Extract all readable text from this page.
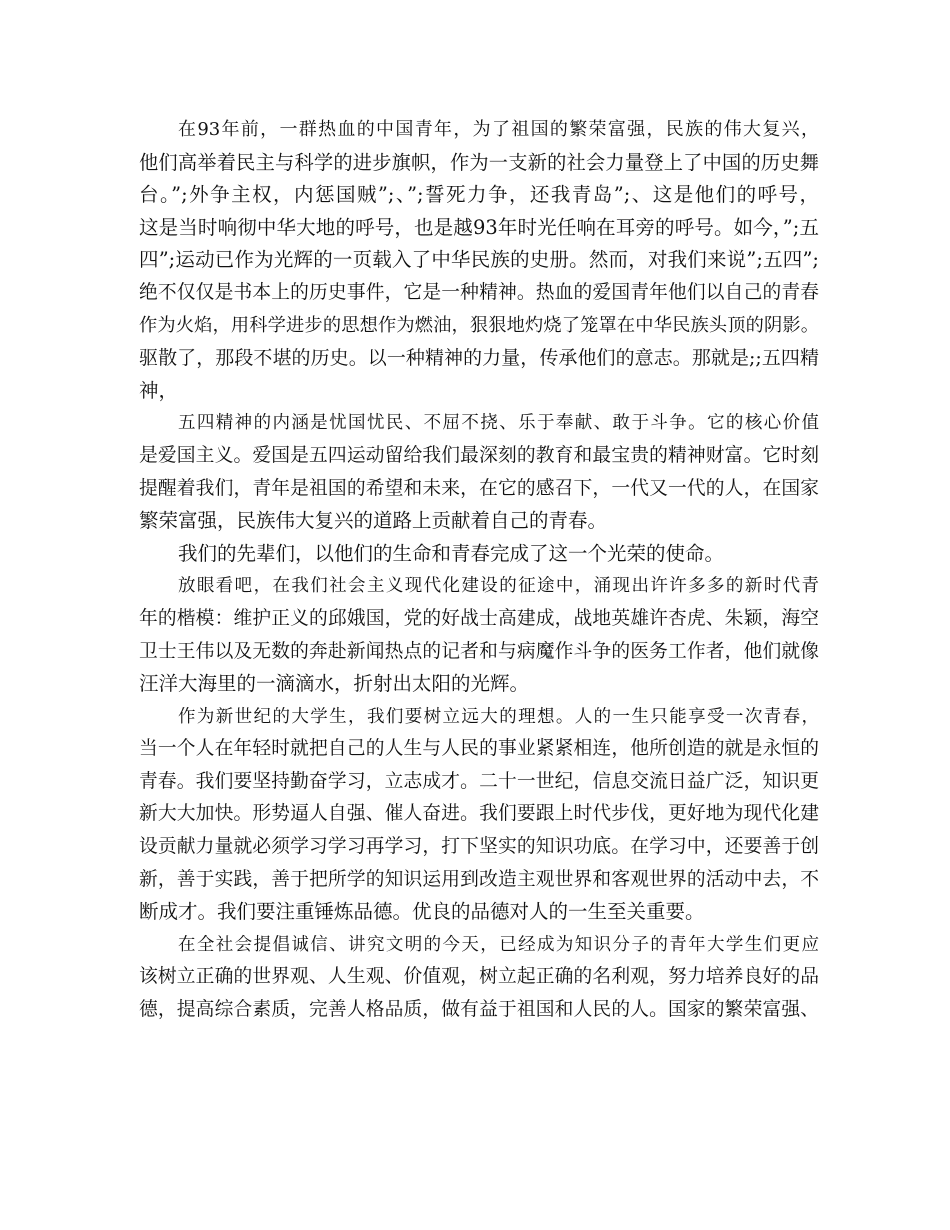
在93年前，一群热血的中国青年，为了祖国的繁荣富强，民族的伟大复兴，
他们高举着民主与科学的进步旗帜，作为一支新的社会力量登上了中国的历史舞
台。”;外争主权，内惩国贼”;、”;誓死力争，还我青岛”;、这是他们的呼号，
这是当时响彻中华大地的呼号，也是越93年时光任响在耳旁的呼号。如今，”;五
四”;运动已作为光辉的一页载入了中华民族的史册。然而，对我们来说”;五四”;
绝不仅仅是书本上的历史事件，它是一种精神。热血的爱国青年他们以自己的青春
作为火焰，用科学进步的思想作为燃油，狠狠地灼烧了笼罩在中华民族头顶的阴影。
驱散了，那段不堪的历史。以一种精神的力量，传承他们的意志。那就是;;五四精
神，

五四精神的内涵是忧国忧民、不屈不挠、乐于奉献、敢于斗争。它的核心价值
是爱国主义。爱国是五四运动留给我们最深刻的教育和最宝贵的精神财富。它时刻
提醒着我们，青年是祖国的希望和未来，在它的感召下，一代又一代的人，在国家
繁荣富强，民族伟大复兴的道路上贡献着自己的青春。

我们的先辈们，以他们的生命和青春完成了这一个光荣的使命。

放眼看吧，在我们社会主义现代化建设的征途中，涌现出许许多多的新时代青
年的楷模：维护正义的邱娥国，党的好战士高建成，战地英雄许杏虎、朱颖，海空
卫士王伟以及无数的奔赴新闻热点的记者和与病魔作斗争的医务工作者，他们就像
汪洋大海里的一滴滴水，折射出太阳的光辉。

作为新世纪的大学生，我们要树立远大的理想。人的一生只能享受一次青春，
当一个人在年轻时就把自己的人生与人民的事业紧紧相连，他所创造的就是永恒的
青春。我们要坚持勤奋学习，立志成才。二十一世纪，信息交流日益广泛，知识更
新大大加快。形势逼人自强、催人奋进。我们要跟上时代步伐，更好地为现代化建
设贡献力量就必须学习学习再学习，打下坚实的知识功底。在学习中，还要善于创
新，善于实践，善于把所学的知识运用到改造主观世界和客观世界的活动中去，不
断成才。我们要注重锤炼品德。优良的品德对人的一生至关重要。

在全社会提倡诚信、讲究文明的今天，已经成为知识分子的青年大学生们更应
该树立正确的世界观、人生观、价值观，树立起正确的名利观，努力培养良好的品
德，提高综合素质，完善人格品质，做有益于祖国和人民的人。国家的繁荣富强、
